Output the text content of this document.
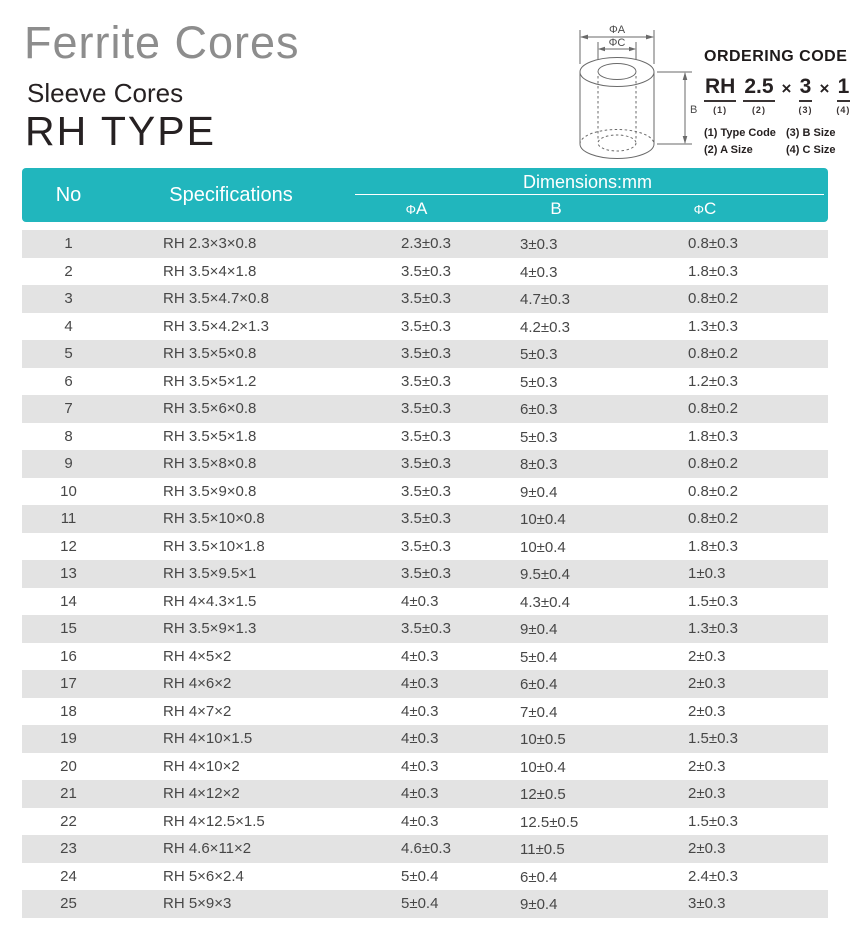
Ferrite Cores
Sleeve Cores
RH TYPE
ΦA
ΦC
B
ORDERING CODE
RH
(1)
2.5
(2)
× 3
(3)
× 1
(4)
(1) Type Code (3) B Size
(2) A Size	(4) C Size
No	Specifications
Dimensions:mm
ΦA	B	ΦC
1	RH 2.3×3×0.8	2.3±0.3	3±0.3	0.8±0.3
2	RH 3.5×4×1.8	3.5±0.3	4±0.3	1.8±0.3
3	RH 3.5×4.7×0.8	3.5±0.3	4.7±0.3	0.8±0.2
4	RH 3.5×4.2×1.3	3.5±0.3	4.2±0.3	1.3±0.3
5	RH 3.5×5×0.8	3.5±0.3	5±0.3	0.8±0.2
6	RH 3.5×5×1.2	3.5±0.3	5±0.3	1.2±0.3
7	RH 3.5×6×0.8	3.5±0.3	6±0.3	0.8±0.2
8	RH 3.5×5×1.8	3.5±0.3	5±0.3	1.8±0.3
9	RH 3.5×8×0.8	3.5±0.3	8±0.3	0.8±0.2
10	RH 3.5×9×0.8	3.5±0.3	9±0.4	0.8±0.2
11	RH 3.5×10×0.8	3.5±0.3	10±0.4	0.8±0.2
12	RH 3.5×10×1.8	3.5±0.3	10±0.4	1.8±0.3
13	RH 3.5×9.5×1	3.5±0.3	9.5±0.4	1±0.3
14	RH 4×4.3×1.5	4±0.3	4.3±0.4	1.5±0.3
15	RH 3.5×9×1.3	3.5±0.3	9±0.4	1.3±0.3
16	RH 4×5×2	4±0.3	5±0.4	2±0.3
17	RH 4×6×2	4±0.3	6±0.4	2±0.3
18	RH 4×7×2	4±0.3	7±0.4	2±0.3
19	RH 4×10×1.5	4±0.3	10±0.5	1.5±0.3
20	RH 4×10×2	4±0.3	10±0.4	2±0.3
21	RH 4×12×2	4±0.3	12±0.5	2±0.3
22	RH 4×12.5×1.5	4±0.3	12.5±0.5	1.5±0.3
23	RH 4.6×11×2	4.6±0.3	11±0.5	2±0.3
24	RH 5×6×2.4	5±0.4	6±0.4	2.4±0.3
25	RH 5×9×3	5±0.4	9±0.4	3±0.3
